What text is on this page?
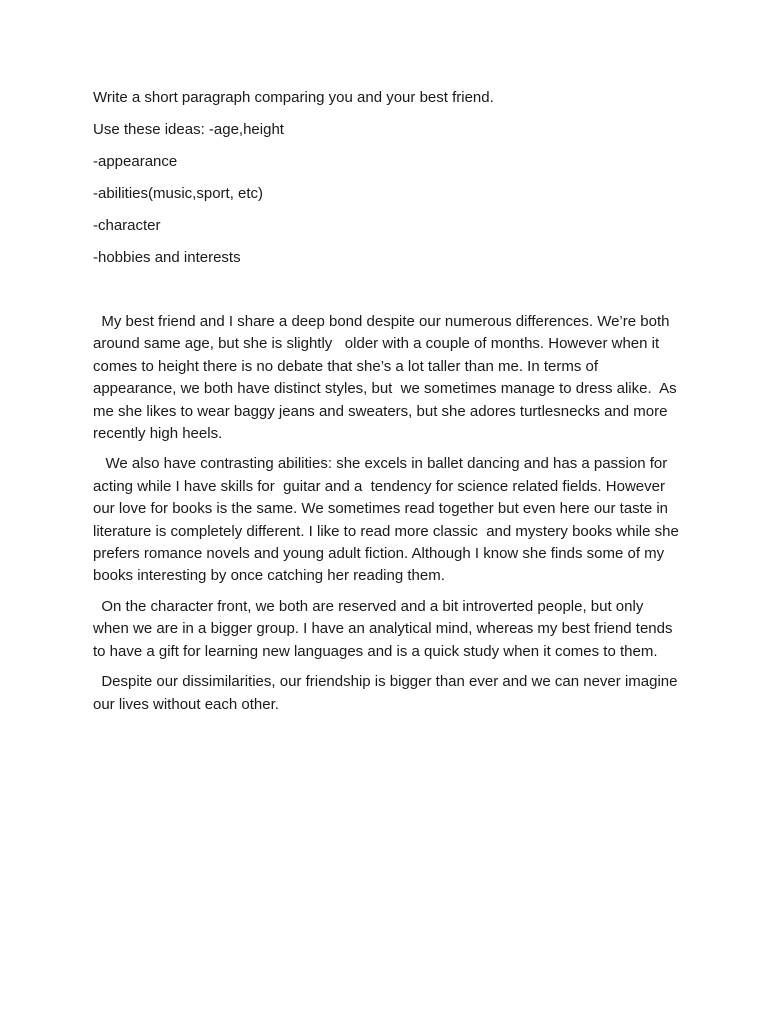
Write a short paragraph comparing you and your best friend.

Use these ideas: -age,height

-appearance

-abilities(music,sport, etc)

-character

-hobbies and interests

My best friend and I share a deep bond despite our numerous differences. We’re both around same age, but she is slightly   older with a couple of months. However when it comes to height there is no debate that she’s a lot taller than me. In terms of appearance, we both have distinct styles, but  we sometimes manage to dress alike.  As me she likes to wear baggy jeans and sweaters, but she adores turtlesnecks and more recently high heels.

We also have contrasting abilities: she excels in ballet dancing and has a passion for acting while I have skills for  guitar and a  tendency for science related fields. However our love for books is the same. We sometimes read together but even here our taste in literature is completely different. I like to read more classic  and mystery books while she prefers romance novels and young adult fiction. Although I know she finds some of my books interesting by once catching her reading them.

On the character front, we both are reserved and a bit introverted people, but only when we are in a bigger group. I have an analytical mind, whereas my best friend tends to have a gift for learning new languages and is a quick study when it comes to them.

Despite our dissimilarities, our friendship is bigger than ever and we can never imagine our lives without each other.
